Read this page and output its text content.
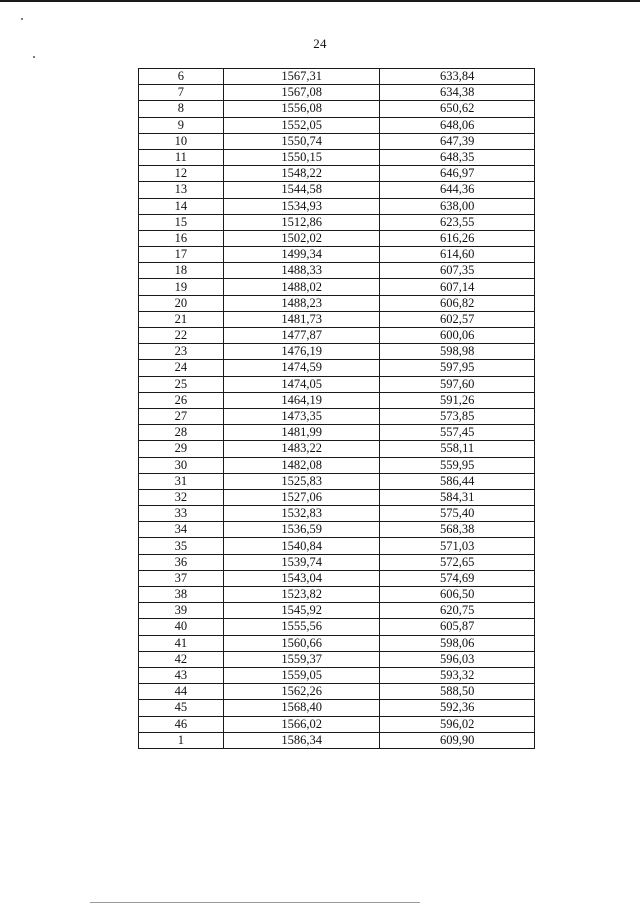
24
6	1567,31	633,84
7	1567,08	634,38
8	1556,08	650,62
9	1552,05	648,06
10	1550,74	647,39
11	1550,15	648,35
12	1548,22	646,97
13	1544,58	644,36
14	1534,93	638,00
15	1512,86	623,55
16	1502,02	616,26
17	1499,34	614,60
18	1488,33	607,35
19	1488,02	607,14
20	1488,23	606,82
21	1481,73	602,57
22	1477,87	600,06
23	1476,19	598,98
24	1474,59	597,95
25	1474,05	597,60
26	1464,19	591,26
27	1473,35	573,85
28	1481,99	557,45
29	1483,22	558,11
30	1482,08	559,95
31	1525,83	586,44
32	1527,06	584,31
33	1532,83	575,40
34	1536,59	568,38
35	1540,84	571,03
36	1539,74	572,65
37	1543,04	574,69
38	1523,82	606,50
39	1545,92	620,75
40	1555,56	605,87
41	1560,66	598,06
42	1559,37	596,03
43	1559,05	593,32
44	1562,26	588,50
45	1568,40	592,36
46	1566,02	596,02
1	1586,34	609,90
